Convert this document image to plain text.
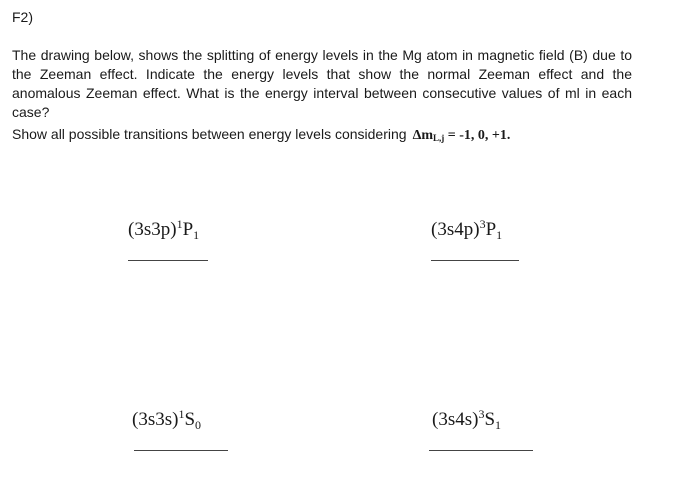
F2)

The drawing below, shows the splitting of energy levels in the Mg atom in magnetic field (B) due to the Zeeman effect. Indicate the energy levels that show the normal Zeeman effect and the anomalous Zeeman effect. What is the energy interval between consecutive values of ml in each case?

Show all possible transitions between energy levels considering $\Delta m_{L,j} = -1$, 0, +1.

$(3s3p)^1P_1$	$(3s4p)^3P_1$
$(3s3s)^1S_0$	$(3s4s)^3S_1$
